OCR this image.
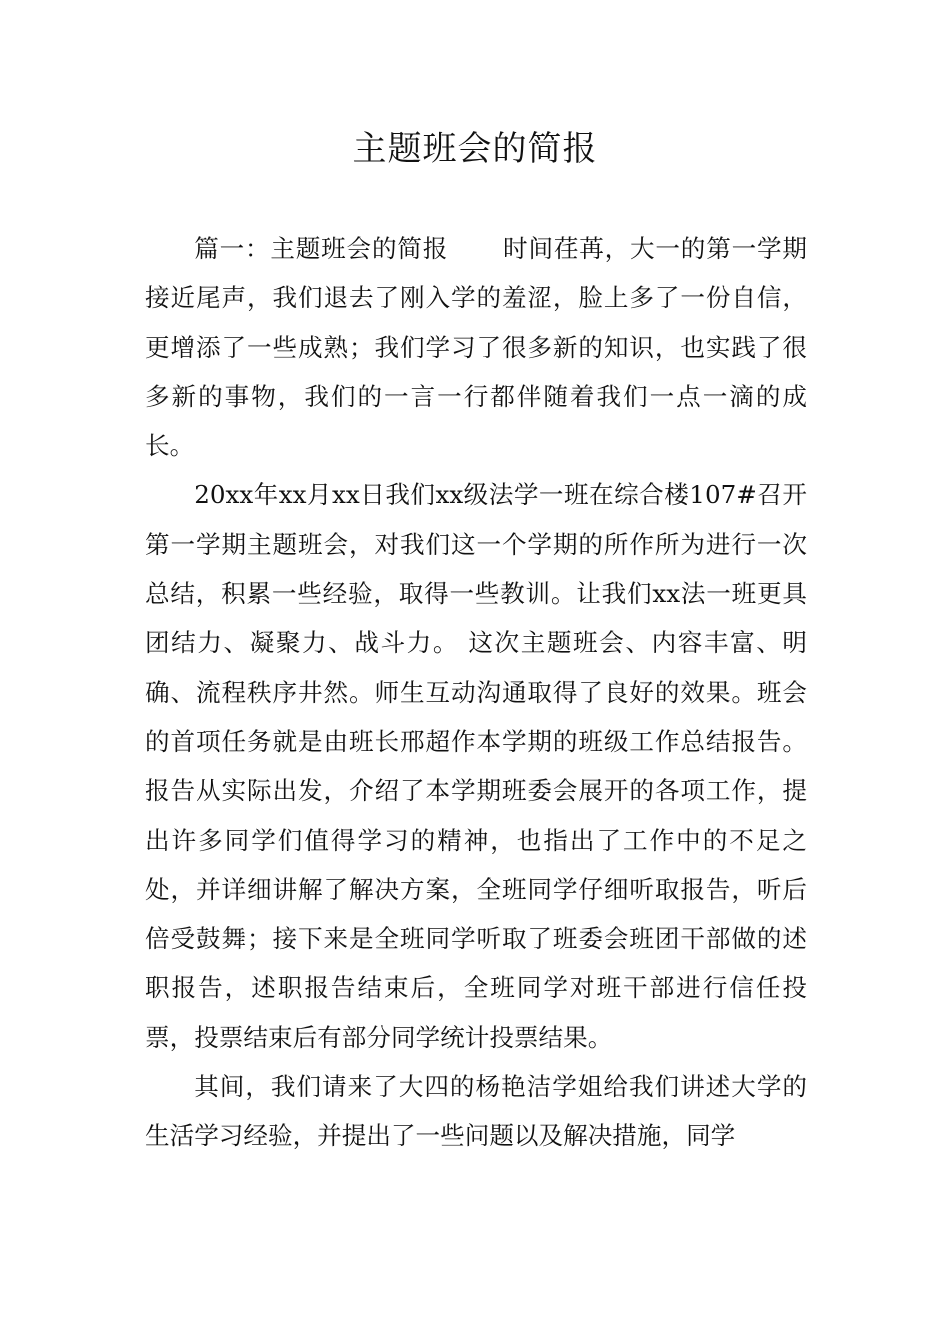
主题班会的简报

篇一：主题班会的简报 时间荏苒，大一的第一学期接近尾声，我们退去了刚入学的羞涩，脸上多了一份自信，更增添了一些成熟；我们学习了很多新的知识，也实践了很多新的事物，我们的一言一行都伴随着我们一点一滴的成长。

20xx年xx月xx日我们xx级法学一班在综合楼107#召开第一学期主题班会，对我们这一个学期的所作所为进行一次总结，积累一些经验，取得一些教训。让我们xx法一班更具团结力、凝聚力、战斗力。 这次主题班会、内容丰富、明确、流程秩序井然。师生互动沟通取得了良好的效果。班会的首项任务就是由班长邢超作本学期的班级工作总结报告。报告从实际出发，介绍了本学期班委会展开的各项工作，提出许多同学们值得学习的精神，也指出了工作中的不足之处，并详细讲解了解决方案，全班同学仔细听取报告，听后倍受鼓舞；接下来是全班同学听取了班委会班团干部做的述职报告，述职报告结束后，全班同学对班干部进行信任投票，投票结束后有部分同学统计投票结果。

其间，我们请来了大四的杨艳洁学姐给我们讲述大学的生活学习经验，并提出了一些问题以及解决措施，同学
